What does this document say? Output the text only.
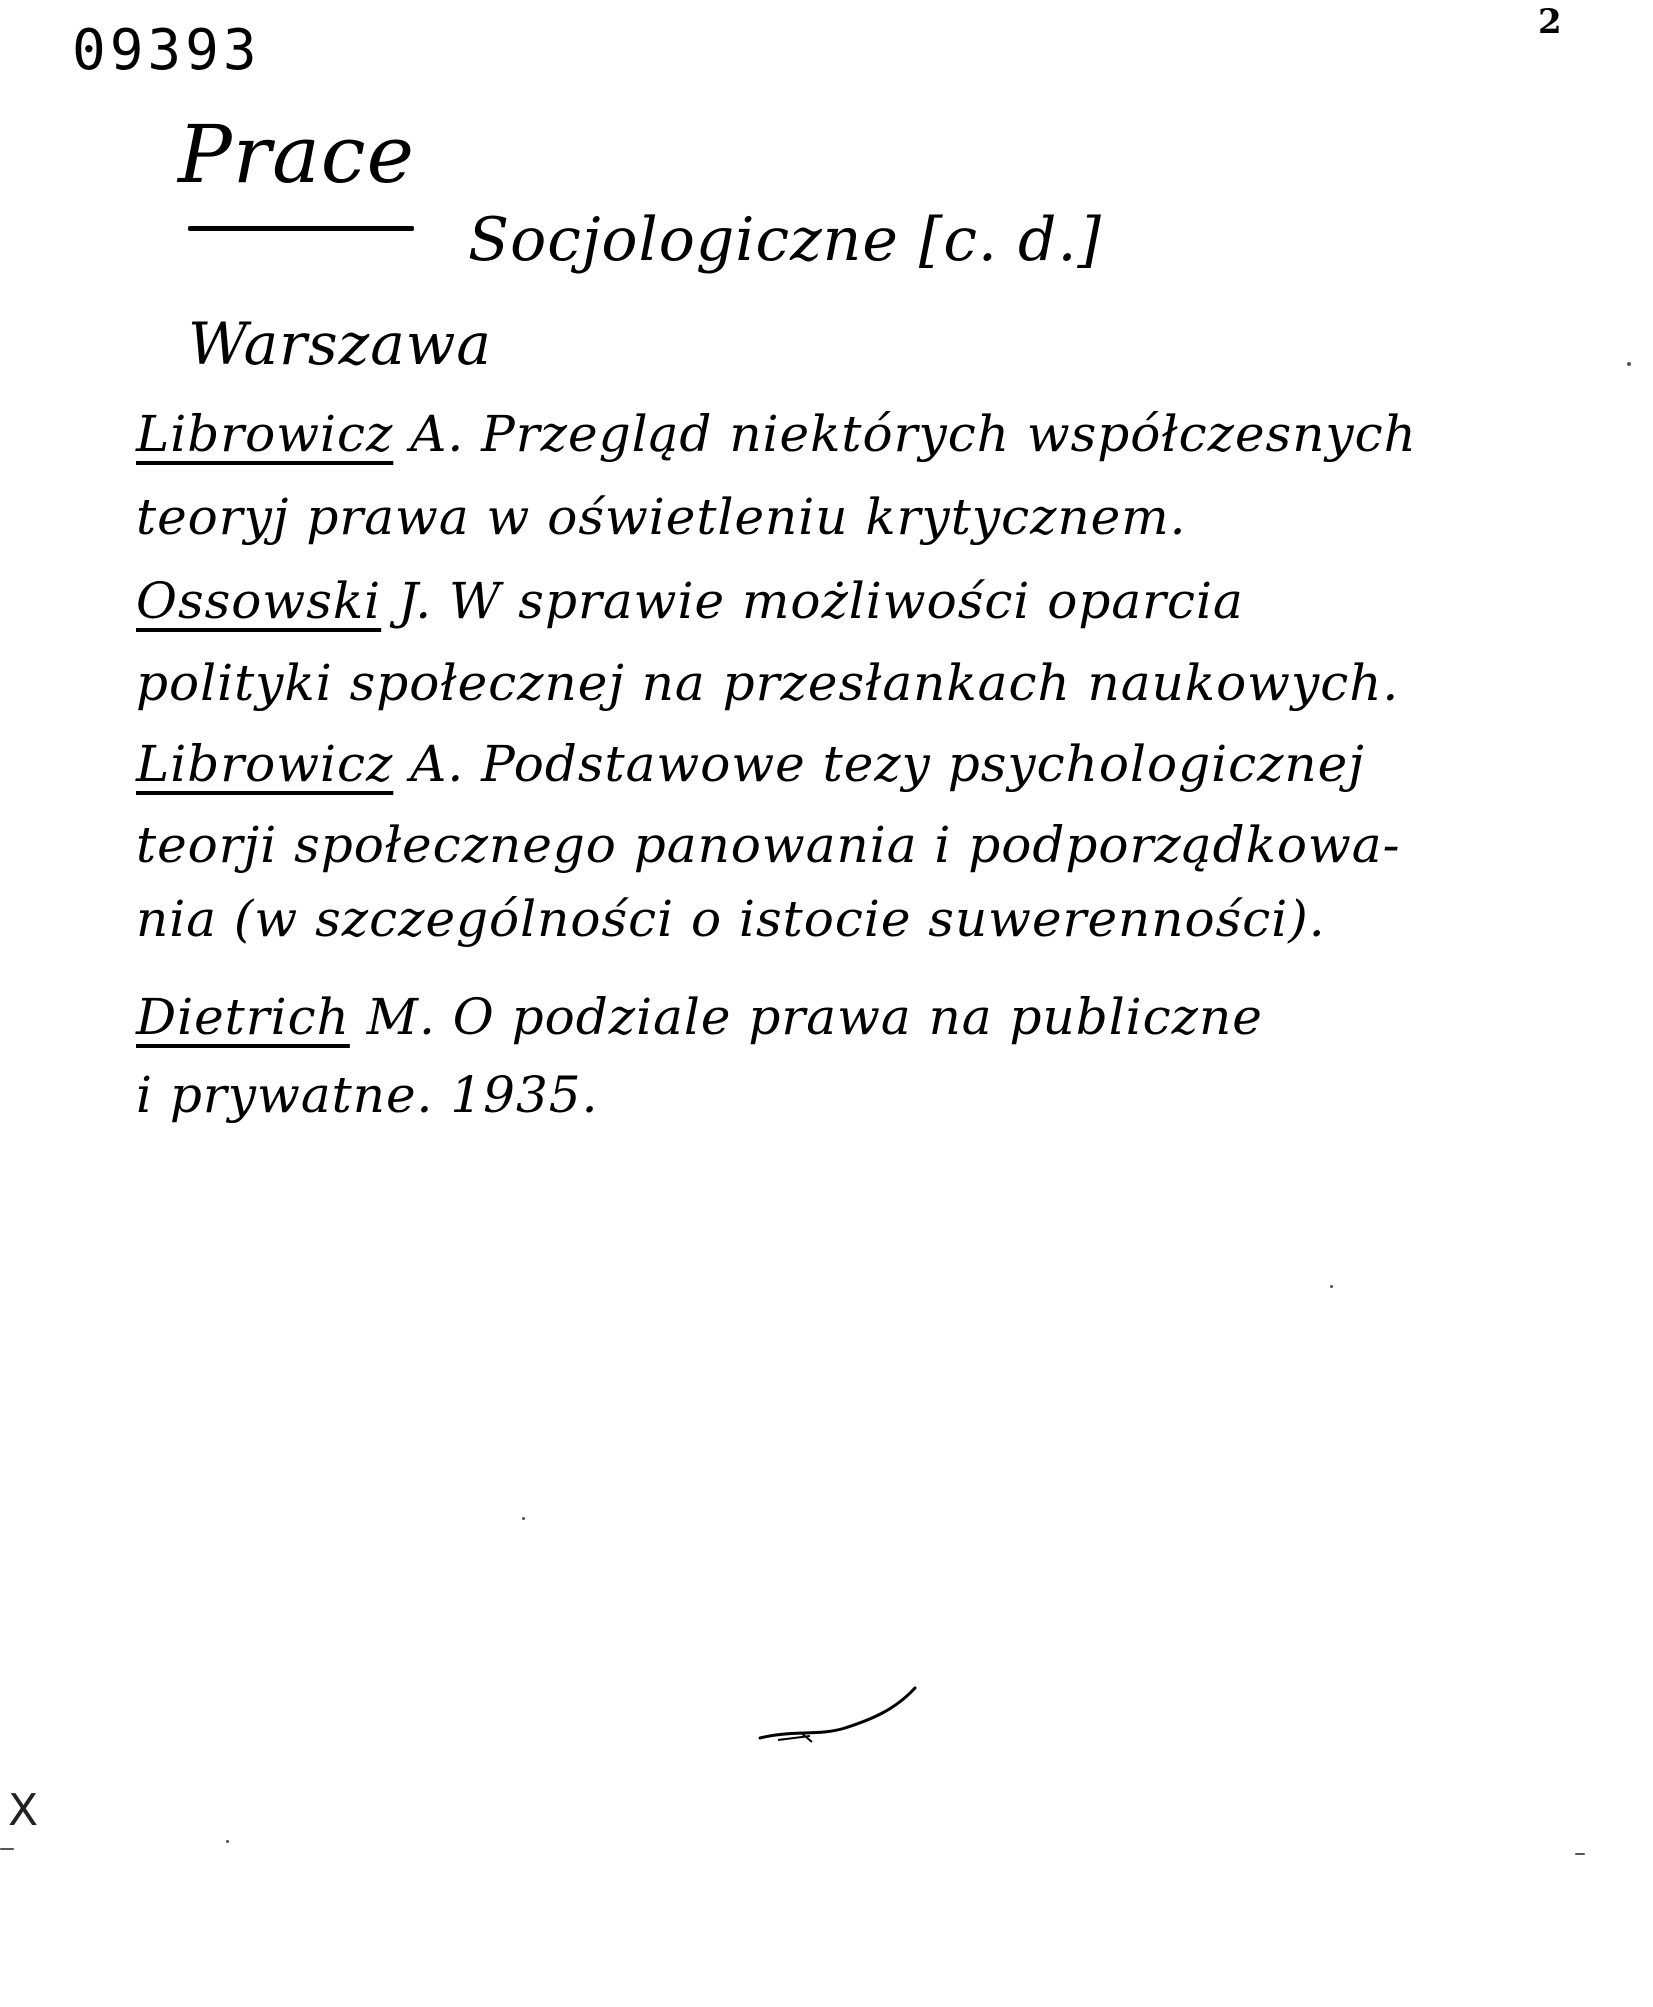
09393	2
Prace
Socjologiczne [c. d.]
Warszawa
Librowicz A. Przegląd niektórych współczesnych
teoryj prawa w oświetleniu krytycznem.
Ossowski J. W sprawie możliwości oparcia
polityki społecznej na przesłankach naukowych.
Librowicz A. Podstawowe tezy psychologicznej
teorji społecznego panowania i podporządkowa-
nia (w szczególności o istocie suwerenności).
Dietrich M. O podziale prawa na publiczne
i prywatne. 1935.
X
